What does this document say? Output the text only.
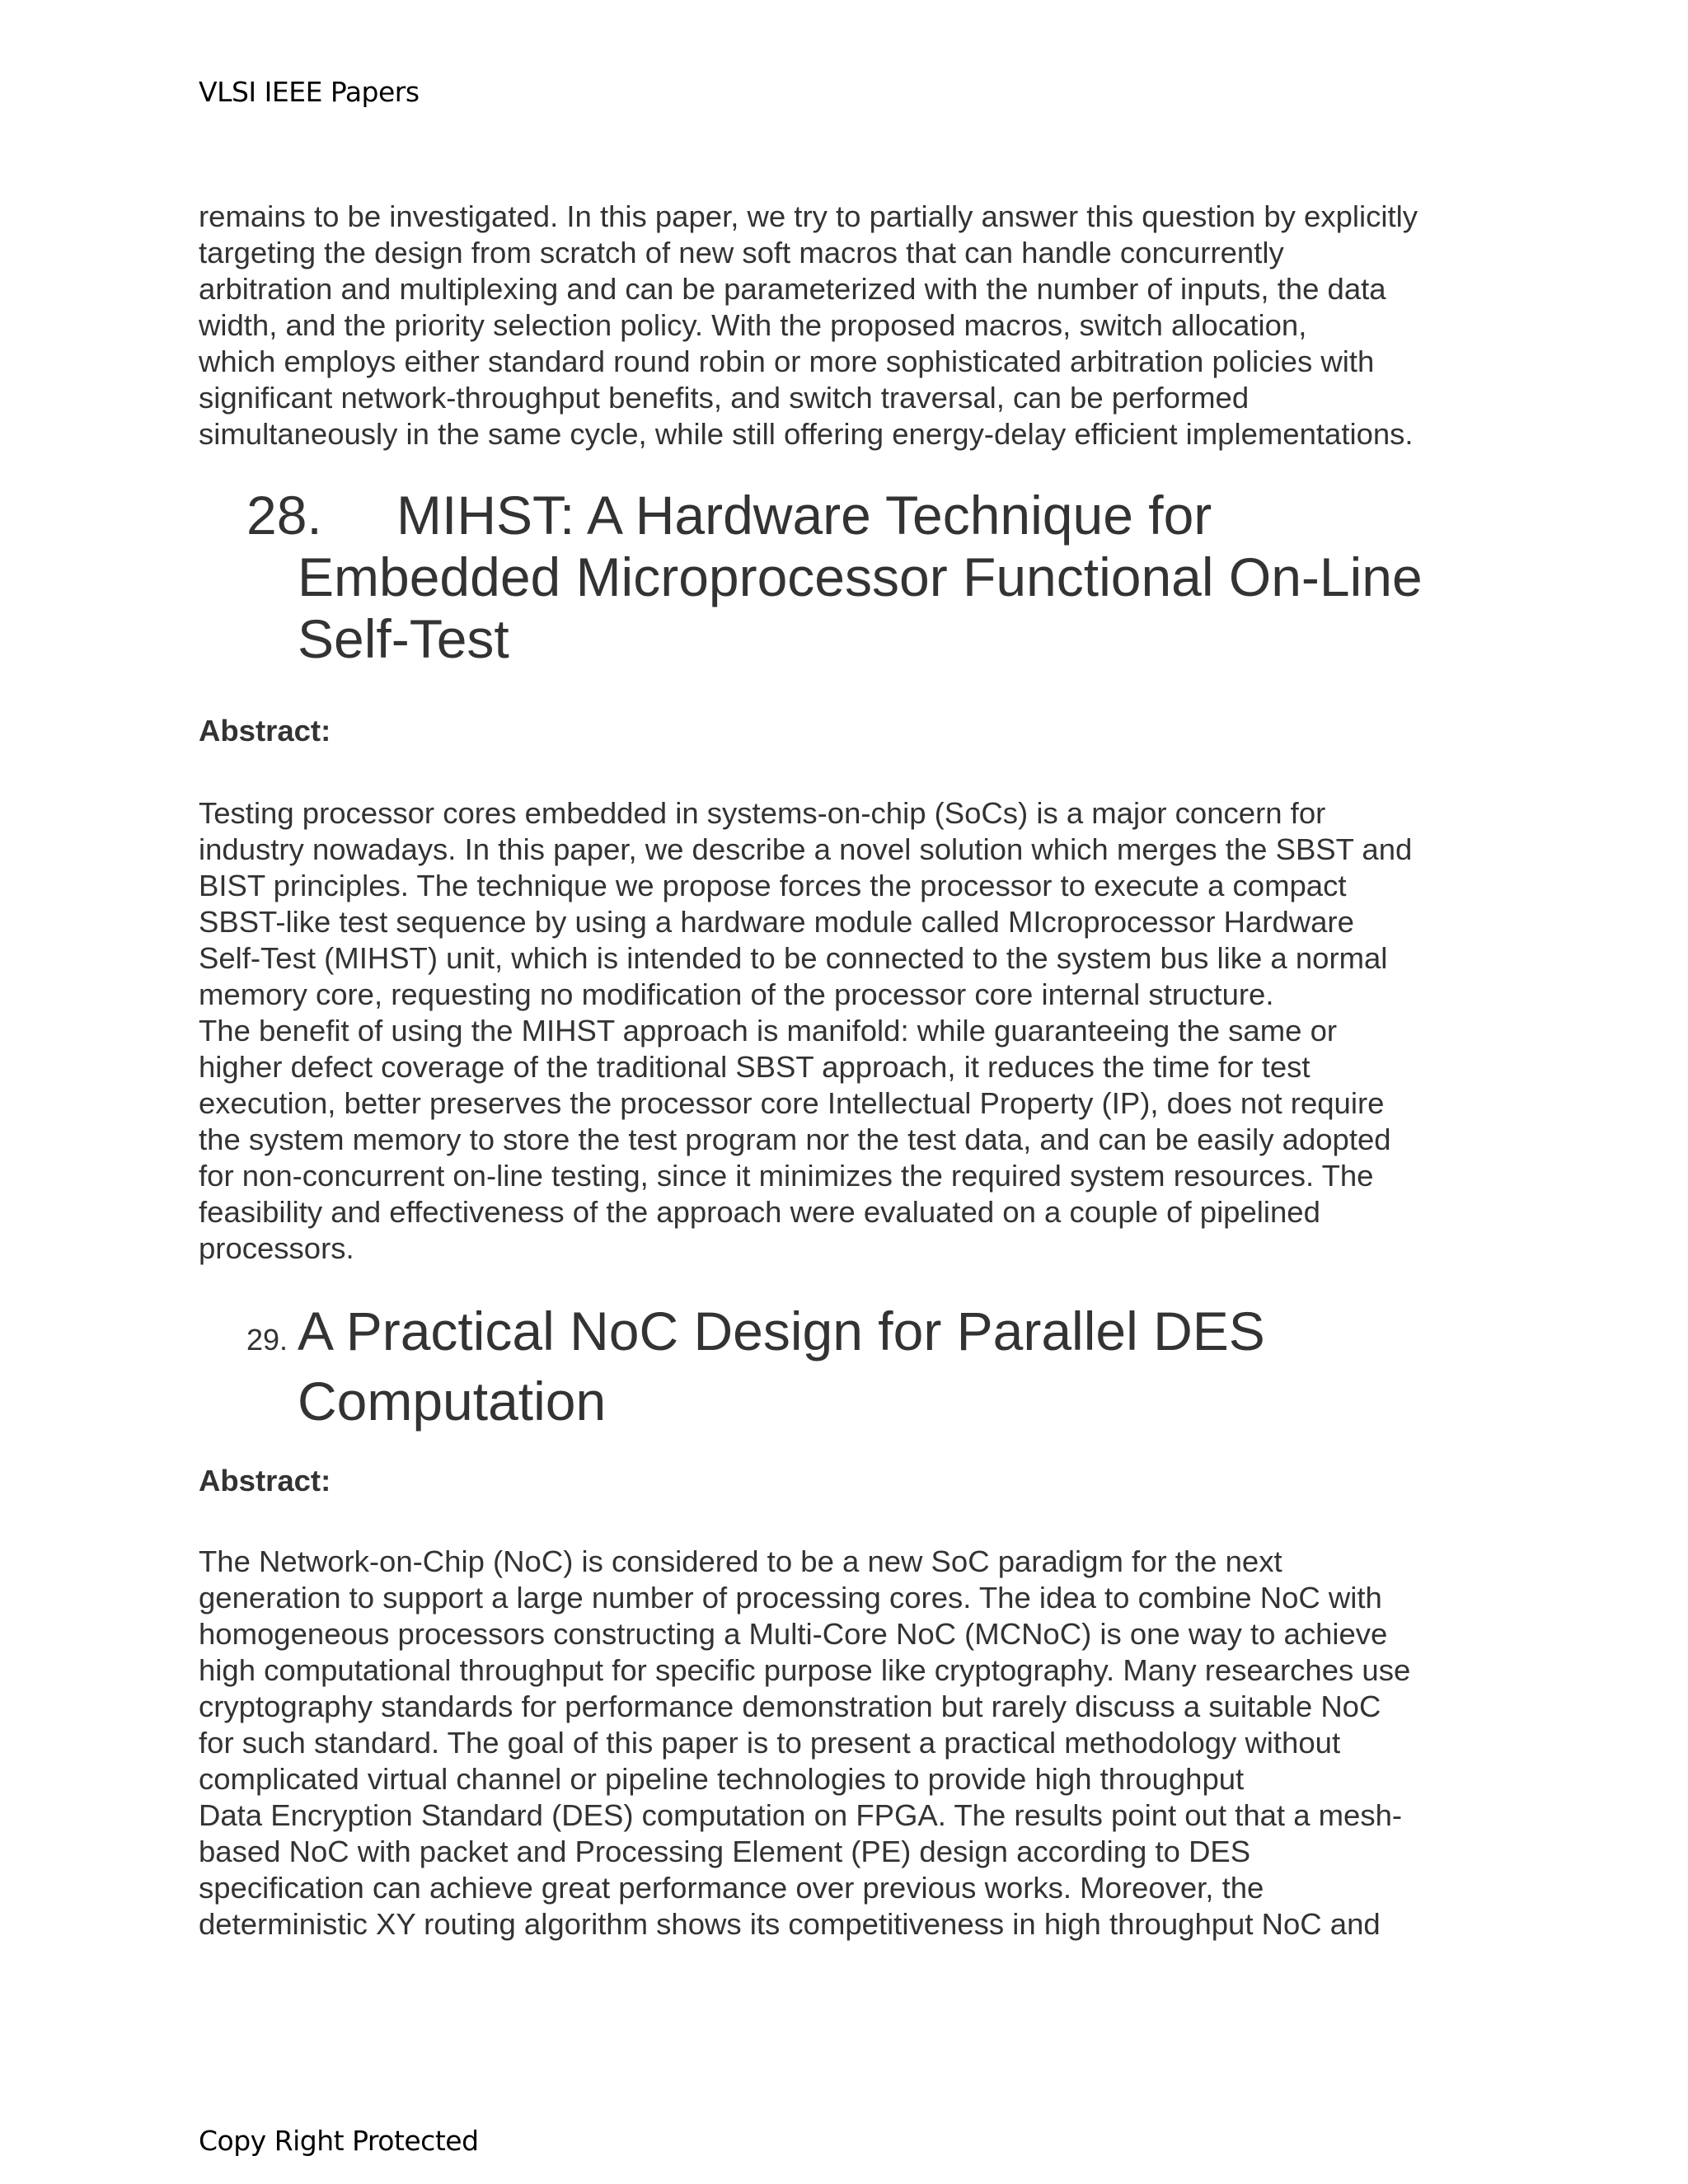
VLSI IEEE Papers
remains to be investigated. In this paper, we try to partially answer this question by explicitly
targeting the design from scratch of new soft macros that can handle concurrently
arbitration and multiplexing and can be parameterized with the number of inputs, the data
width, and the priority selection policy. With the proposed macros, switch allocation,
which employs either standard round robin or more sophisticated arbitration policies with
significant network-throughput benefits, and switch traversal, can be performed
simultaneously in the same cycle, while still offering energy-delay efficient implementations.
28. MIHST: A Hardware Technique for
Embedded Microprocessor Functional On-Line
Self-Test
Abstract:
Testing processor cores embedded in systems-on-chip (SoCs) is a major concern for
industry nowadays. In this paper, we describe a novel solution which merges the SBST and
BIST principles. The technique we propose forces the processor to execute a compact
SBST-like test sequence by using a hardware module called MIcroprocessor Hardware
Self-Test (MIHST) unit, which is intended to be connected to the system bus like a normal
memory core, requesting no modification of the processor core internal structure.
The benefit of using the MIHST approach is manifold: while guaranteeing the same or
higher defect coverage of the traditional SBST approach, it reduces the time for test
execution, better preserves the processor core Intellectual Property (IP), does not require
the system memory to store the test program nor the test data, and can be easily adopted
for non-concurrent on-line testing, since it minimizes the required system resources. The
feasibility and effectiveness of the approach were evaluated on a couple of pipelined
processors.
29. A Practical NoC Design for Parallel DES
Computation
Abstract:
The Network-on-Chip (NoC) is considered to be a new SoC paradigm for the next
generation to support a large number of processing cores. The idea to combine NoC with
homogeneous processors constructing a Multi-Core NoC (MCNoC) is one way to achieve
high computational throughput for specific purpose like cryptography. Many researches use
cryptography standards for performance demonstration but rarely discuss a suitable NoC
for such standard. The goal of this paper is to present a practical methodology without
complicated virtual channel or pipeline technologies to provide high throughput
Data Encryption Standard (DES) computation on FPGA. The results point out that a mesh-
based NoC with packet and Processing Element (PE) design according to DES
specification can achieve great performance over previous works. Moreover, the
deterministic XY routing algorithm shows its competitiveness in high throughput NoC and
Copy Right Protected
